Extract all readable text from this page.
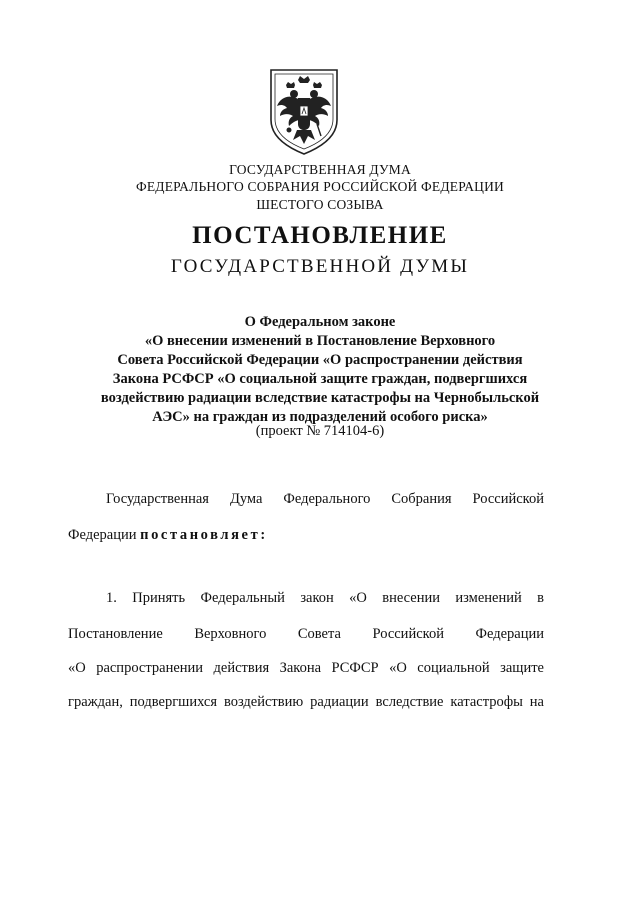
ГОСУДАРСТВЕННАЯ ДУМА
ФЕДЕРАЛЬНОГО СОБРАНИЯ РОССИЙСКОЙ ФЕДЕРАЦИИ
ШЕСТОГО СОЗЫВА
ПОСТАНОВЛЕНИЕ
ГОСУДАРСТВЕННОЙ ДУМЫ
О Федеральном законе
«О внесении изменений в Постановление Верховного
Совета Российской Федерации «О распространении действия
Закона РСФСР «О социальной защите граждан, подвергшихся
воздействию радиации вследствие катастрофы на Чернобыльской
АЭС» на граждан из подразделений особого риска»
(проект № 714104-6)
Государственная Дума Федерального Собрания Российской
Федерации постановляет:
1. Принять Федеральный закон «О внесении изменений в
Постановление Верховного Совета Российской Федерации
«О распространении действия Закона РСФСР «О социальной защите
граждан, подвергшихся воздействию радиации вследствие катастрофы на
